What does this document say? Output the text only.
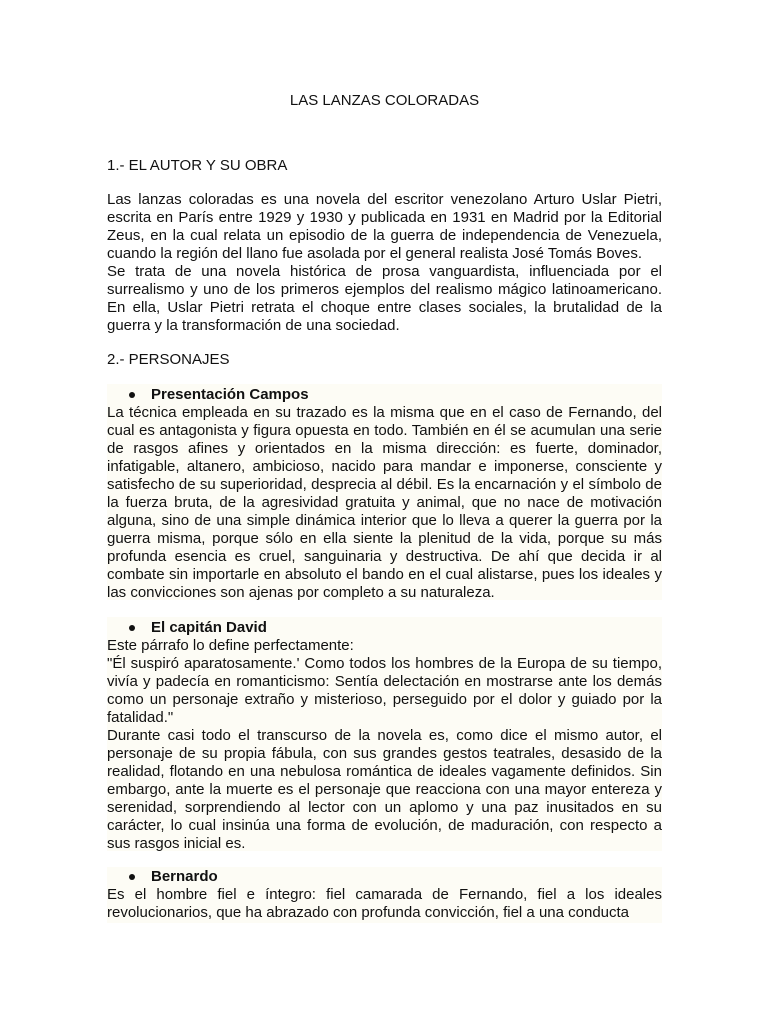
LAS LANZAS COLORADAS
1.- EL AUTOR Y SU OBRA

Las lanzas coloradas es una novela del escritor venezolano Arturo Uslar Pietri, escrita en París entre 1929 y 1930 y publicada en 1931 en Madrid por la Editorial Zeus, en la cual relata un episodio de la guerra de independencia de Venezuela, cuando la región del llano fue asolada por el general realista José Tomás Boves.

Se trata de una novela histórica de prosa vanguardista, influenciada por el surrealismo y uno de los primeros ejemplos del realismo mágico latinoamericano. En ella, Uslar Pietri retrata el choque entre clases sociales, la brutalidad de la guerra y la transformación de una sociedad.

2.- PERSONAJES
Presentación Campos

La técnica empleada en su trazado es la misma que en el caso de Fernando, del cual es antagonista y figura opuesta en todo. También en él se acumulan una serie de rasgos afines y orientados en la misma dirección: es fuerte, dominador, infatigable, altanero, ambicioso, nacido para mandar e imponerse, consciente y satisfecho de su superioridad, desprecia al débil. Es la encarnación y el símbolo de la fuerza bruta, de la agresividad gratuita y animal, que no nace de motivación alguna, sino de una simple dinámica interior que lo lleva a querer la guerra por la guerra misma, porque sólo en ella siente la plenitud de la vida, porque su más profunda esencia es cruel, sanguinaria y destructiva. De ahí que decida ir al combate sin importarle en absoluto el bando en el cual alistarse, pues los ideales y las convicciones son ajenas por completo a su naturaleza.

El capitán David

Este párrafo lo define perfectamente:

"Él suspiró aparatosamente.' Como todos los hombres de la Europa de su tiempo, vivía y padecía en romanticismo: Sentía delectación en mostrarse ante los demás como un personaje extraño y misterioso, perseguido por el dolor y guiado por la fatalidad."

Durante casi todo el transcurso de la novela es, como dice el mismo autor, el personaje de su propia fábula, con sus grandes gestos teatrales, desasido de la realidad, flotando en una nebulosa romántica de ideales vagamente definidos. Sin embargo, ante la muerte es el personaje que reacciona con una mayor entereza y serenidad, sorprendiendo al lector con un aplomo y una paz inusitados en su carácter, lo cual insinúa una forma de evolución, de maduración, con respecto a sus rasgos inicial es.

Bernardo

Es el hombre fiel e íntegro: fiel camarada de Fernando, fiel a los ideales revolucionarios, que ha abrazado con profunda convicción, fiel a una conducta
